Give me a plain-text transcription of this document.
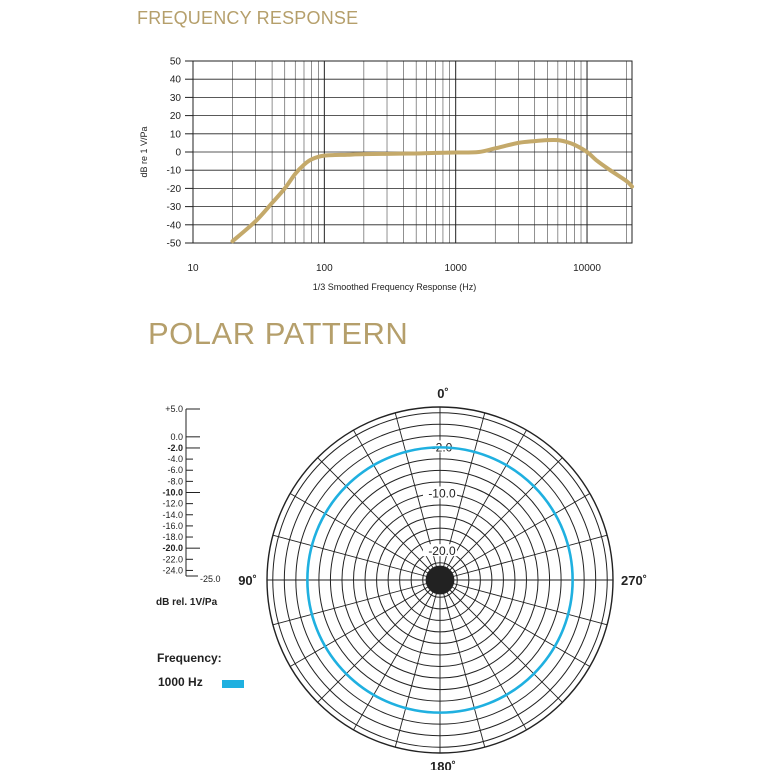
FREQUENCY RESPONSE
POLAR PATTERN
50
40
30
20
10
0
-10
-20
-30
-40
-50
10	100	1000	10000
1/3 Smoothed Frequency Response (Hz)
dB re 1 V/Pa
-2.0
-10.0
-20.0
0˚
90˚
180˚
270˚
+5.0
0.0
-2.0
-4.0
-6.0
-8.0
-10.0
-12.0
-14.0
-16.0
-18.0
-20.0
-22.0
-24.0
-25.0
dB rel. 1V/Pa
Frequency:
1000 Hz
